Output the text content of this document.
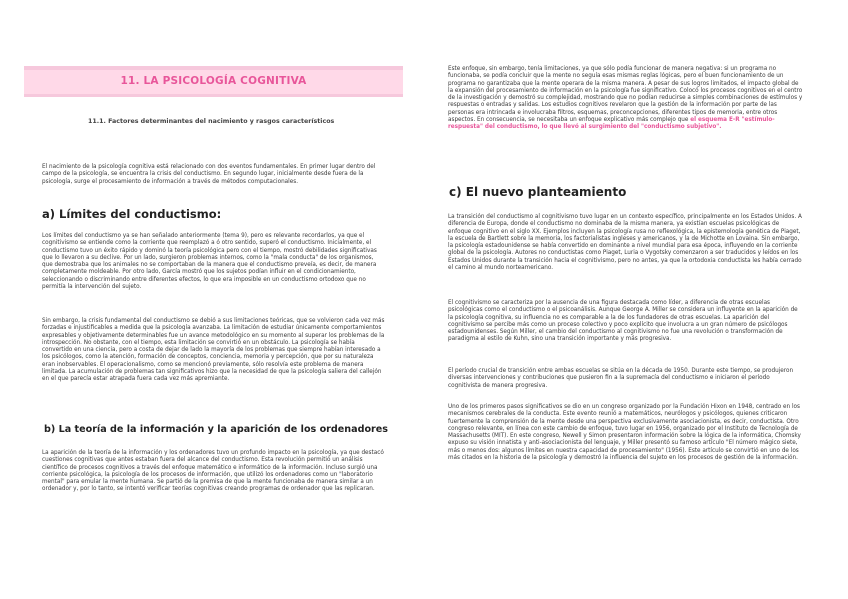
11. LA PSICOLOGÍA COGNITIVA
11.1. Factores determinantes del nacimiento y rasgos característicos

El nacimiento de la psicología cognitiva está relacionado con dos eventos fundamentales. En primer lugar dentro del campo de la psicología, se encuentra la crisis del conductismo. En segundo lugar, inicialmente desde fuera de la psicología, surge el procesamiento de información a través de métodos computacionales.

a) Límites del conductismo:

Los límites del conductismo ya se han señalado anteriormente (tema 9), pero es relevante recordarlos, ya que el cognitivismo se entiende como la corriente que reemplazó a ó otro sentido, superó el conductismo. Inicialmente, el conductismo tuvo un éxito rápido y dominó la teoría psicológica pero con el tiempo, mostró debilidades significativas que lo llevaron a su declive. Por un lado, surgieron problemas internos, como la "mala conducta" de los organismos, que demostraba que los animales no se comportaban de la manera que el conductismo preveía, es decir, de manera completamente moldeable. Por otro lado, García mostró que los sujetos podían influir en el condicionamiento, seleccionando o discriminando entre diferentes efectos, lo que era imposible en un conductismo ortodoxo que no permitía la intervención del sujeto.

Sin embargo, la crisis fundamental del conductismo se debió a sus limitaciones teóricas, que se volvieron cada vez más forzadas e injustificables a medida que la psicología avanzaba. La limitación de estudiar únicamente comportamientos expresables y objetivamente determinables fue un avance metodológico en su momento al superar los problemas de la introspección. No obstante, con el tiempo, esta limitación se convirtió en un obstáculo. La psicología se había convertido en una ciencia, pero a costa de dejar de lado la mayoría de los problemas que siempre habían interesado a los psicólogos, como la atención, formación de conceptos, conciencia, memoria y percepción, que por su naturaleza eran inobservables. El operacionalismo, como se mencionó previamente, sólo resolvía este problema de manera limitada. La acumulación de problemas tan significativos hizo que la necesidad de que la psicología saliera del callejón en el que parecía estar atrapada fuera cada vez más apremiante.

b) La teoría de la información y la aparición de los ordenadores

La aparición de la teoría de la información y los ordenadores tuvo un profundo impacto en la psicología, ya que destacó cuestiones cognitivas que antes estaban fuera del alcance del conductismo. Esta revolución permitió un análisis científico de procesos cognitivos a través del enfoque matemático e informático de la información. Incluso surgió una corriente psicológica, la psicología de los procesos de información, que utilizó los ordenadores como un "laboratorio mental" para emular la mente humana. Se partió de la premisa de que la mente funcionaba de manera similar a un ordenador y, por lo tanto, se intentó verificar teorías cognitivas creando programas de ordenador que las replicaran.

Este enfoque, sin embargo, tenía limitaciones, ya que sólo podía funcionar de manera negativa: si un programa no funcionaba, se podía concluir que la mente no seguía esas mismas reglas lógicas, pero el buen funcionamiento de un programa no garantizaba que la mente operara de la misma manera. A pesar de sus logros limitados, el impacto global de la expansión del procesamiento de información en la psicología fue significativo. Colocó los procesos cognitivos en el centro de la investigación y demostró su complejidad, mostrando que no podían reducirse a simples combinaciones de estímulos y respuestas o entradas y salidas. Los estudios cognitivos revelaron que la gestión de la información por parte de las personas era intrincada e involucraba filtros, esquemas, preconcepciones, diferentes tipos de memoria, entre otros aspectos. En consecuencia, se necesitaba un enfoque explicativo más complejo que el esquema E-R "estímulo-respuesta" del conductismo, lo que llevó al surgimiento del "conductismo subjetivo".

c) El nuevo planteamiento

La transición del conductismo al cognitivismo tuvo lugar en un contexto específico, principalmente en los Estados Unidos. A diferencia de Europa, donde el conductismo no dominaba de la misma manera, ya existían escuelas psicológicas de enfoque cognitivo en el siglo XX. Ejemplos incluyen la psicología rusa no reflexológica, la epistemología genética de Piaget, la escuela de Bartlett sobre la memoria, los factorialistas ingleses y americanos, y la de Michotte en Lovaina. Sin embargo, la psicología estadounidense se había convertido en dominante a nivel mundial para esa época, influyendo en la corriente global de la psicología. Autores no conductistas como Piaget, Luria o Vygotsky comenzaron a ser traducidos y leídos en los Estados Unidos durante la transición hacia el cognitivismo, pero no antes, ya que la ortodoxia conductista les había cerrado el camino al mundo norteamericano.

El cognitivismo se caracteriza por la ausencia de una figura destacada como líder, a diferencia de otras escuelas psicológicas como el conductismo o el psicoanálisis. Aunque George A. Miller se considera un influyente en la aparición de la psicología cognitiva, su influencia no es comparable a la de los fundadores de otras escuelas. La aparición del cognitivismo se percibe más como un proceso colectivo y poco explícito que involucra a un gran número de psicólogos estadounidenses. Según Miller, el cambio del conductismo al cognitivismo no fue una revolución o transformación de paradigma al estilo de Kuhn, sino una transición importante y más progresiva.

El período crucial de transición entre ambas escuelas se sitúa en la década de 1950. Durante este tiempo, se produjeron diversas intervenciones y contribuciones que pusieron fin a la supremacía del conductismo e iniciaron el período cognitivista de manera progresiva.

Uno de los primeros pasos significativos se dio en un congreso organizado por la Fundación Hixon en 1948, centrado en los mecanismos cerebrales de la conducta. Este evento reunió a matemáticos, neurólogos y psicólogos, quienes criticaron fuertemente la comprensión de la mente desde una perspectiva exclusivamente asociacionista, es decir, conductista. Otro congreso relevante, en línea con este cambio de enfoque, tuvo lugar en 1956, organizado por el Instituto de Tecnología de Massachusetts (MIT). En este congreso, Newell y Simon presentaron información sobre la lógica de la informática, Chomsky expuso su visión innatista y anti-asociacionista del lenguaje, y Miller presentó su famoso artículo "El número mágico siete, más o menos dos: algunos límites en nuestra capacidad de procesamiento" (1956). Este artículo se convirtió en uno de los más citados en la historia de la psicología y demostró la influencia del sujeto en los procesos de gestión de la información.
